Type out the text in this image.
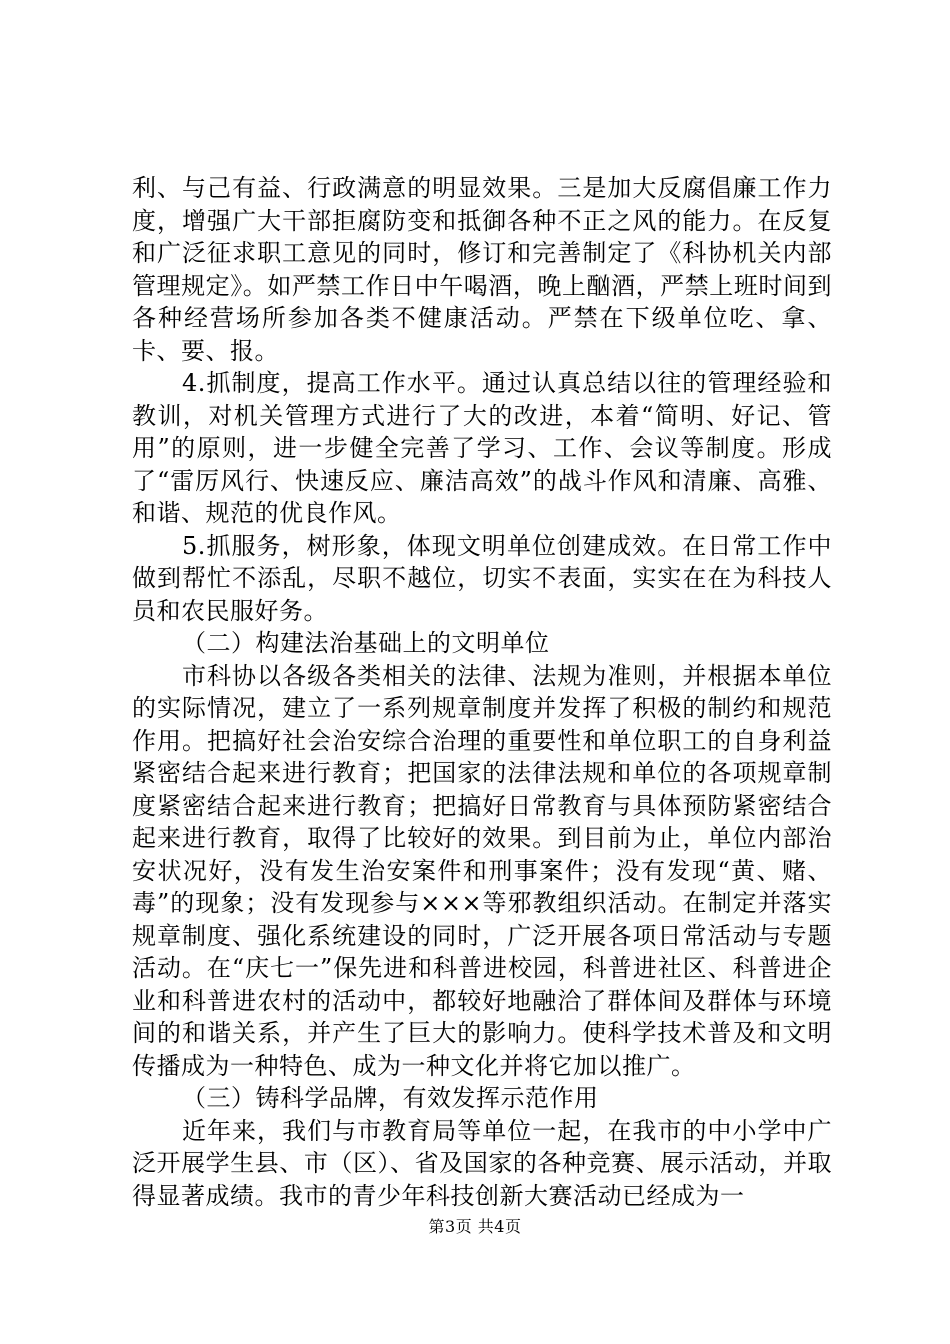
利、与己有益、行政满意的明显效果。三是加大反腐倡廉工作力度，增强广大干部拒腐防变和抵御各种不正之风的能力。在反复和广泛征求职工意见的同时，修订和完善制定了《科协机关内部管理规定》。如严禁工作日中午喝酒，晚上酗酒，严禁上班时间到各种经营场所参加各类不健康活动。严禁在下级单位吃、拿、卡、要、报。

4.抓制度，提高工作水平。通过认真总结以往的管理经验和教训，对机关管理方式进行了大的改进，本着“简明、好记、管用”的原则，进一步健全完善了学习、工作、会议等制度。形成了“雷厉风行、快速反应、廉洁高效”的战斗作风和清廉、高雅、和谐、规范的优良作风。

5.抓服务，树形象，体现文明单位创建成效。在日常工作中做到帮忙不添乱，尽职不越位，切实不表面，实实在在为科技人员和农民服好务。

（二）构建法治基础上的文明单位

市科协以各级各类相关的法律、法规为准则，并根据本单位的实际情况，建立了一系列规章制度并发挥了积极的制约和规范作用。把搞好社会治安综合治理的重要性和单位职工的自身利益紧密结合起来进行教育；把国家的法律法规和单位的各项规章制度紧密结合起来进行教育；把搞好日常教育与具体预防紧密结合起来进行教育，取得了比较好的效果。到目前为止，单位内部治安状况好，没有发生治安案件和刑事案件；没有发现“黄、赌、毒”的现象；没有发现参与×××等邪教组织活动。在制定并落实规章制度、强化系统建设的同时，广泛开展各项日常活动与专题活动。在“庆七一”保先进和科普进校园，科普进社区、科普进企业和科普进农村的活动中，都较好地融洽了群体间及群体与环境间的和谐关系，并产生了巨大的影响力。使科学技术普及和文明传播成为一种特色、成为一种文化并将它加以推广。

（三）铸科学品牌，有效发挥示范作用

近年来，我们与市教育局等单位一起，在我市的中小学中广泛开展学生县、市（区）、省及国家的各种竞赛、展示活动，并取得显著成绩。我市的青少年科技创新大赛活动已经成为一

第3页 共4页
